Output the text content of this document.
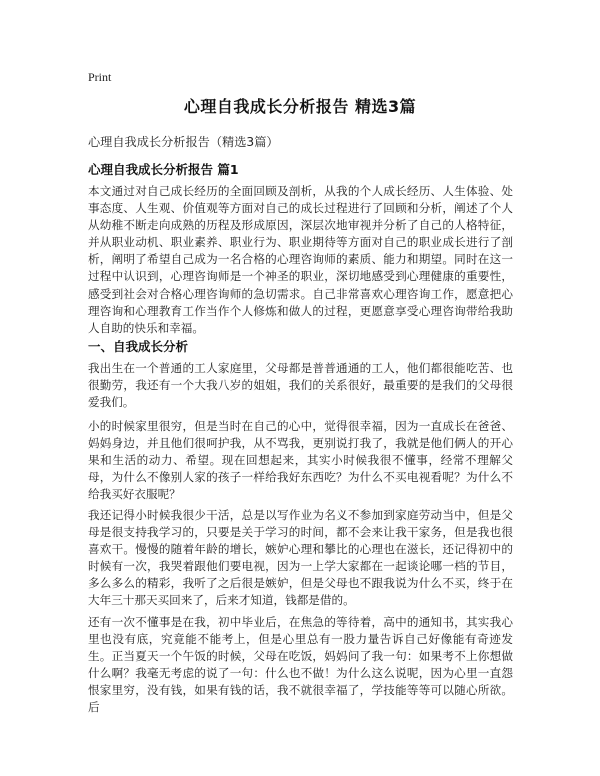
Print
心理自我成长分析报告 精选3篇
心理自我成长分析报告（精选3篇）
心理自我成长分析报告 篇1
本文通过对自己成长经历的全面回顾及剖析，从我的个人成长经历、人生体验、处事态度、人生观、价值观等方面对自己的成长过程进行了回顾和分析，阐述了个人从幼稚不断走向成熟的历程及形成原因，深层次地审视并分析了自己的人格特征，并从职业动机、职业素养、职业行为、职业期待等方面对自己的职业成长进行了剖析，阐明了希望自己成为一名合格的心理咨询师的素质、能力和期望。同时在这一过程中认识到，心理咨询师是一个神圣的职业，深切地感受到心理健康的重要性，感受到社会对合格心理咨询师的急切需求。自己非常喜欢心理咨询工作，愿意把心理咨询和心理教育工作当作个人修炼和做人的过程，更愿意享受心理咨询带给我助人自助的快乐和幸福。
一、自我成长分析
我出生在一个普通的工人家庭里，父母都是普普通通的工人，他们都很能吃苦、也很勤劳，我还有一个大我八岁的姐姐，我们的关系很好，最重要的是我们的父母很爱我们。
小的时候家里很穷，但是当时在自己的心中，觉得很幸福，因为一直成长在爸爸、妈妈身边，并且他们很呵护我，从不骂我，更别说打我了，我就是他们俩人的开心果和生活的动力、希望。现在回想起来，其实小时候我很不懂事，经常不理解父母，为什么不像别人家的孩子一样给我好东西吃？为什么不买电视看呢？为什么不给我买好衣服呢？
我还记得小时候我很少干活，总是以写作业为名义不参加到家庭劳动当中，但是父母是很支持我学习的，只要是关于学习的时间，都不会来让我干家务，但是我也很喜欢干。慢慢的随着年龄的增长，嫉妒心理和攀比的心理也在滋长，还记得初中的时候有一次，我哭着跟他们要电视，因为一上学大家都在一起谈论哪一档的节目，多么多么的精彩，我听了之后很是嫉妒，但是父母也不跟我说为什么不买，终于在大年三十那天买回来了，后来才知道，钱都是借的。
还有一次不懂事是在我，初中毕业后，在焦急的等待着，高中的通知书，其实我心里也没有底，究竟能不能考上，但是心里总有一股力量告诉自己好像能有奇迹发生。正当夏天一个午饭的时候，父母在吃饭，妈妈问了我一句：如果考不上你想做什么啊？我毫无考虑的说了一句：什么也不做！为什么这么说呢，因为心里一直怨恨家里穷，没有钱，如果有钱的话，我不就很幸福了，学技能等等可以随心所欲。后
